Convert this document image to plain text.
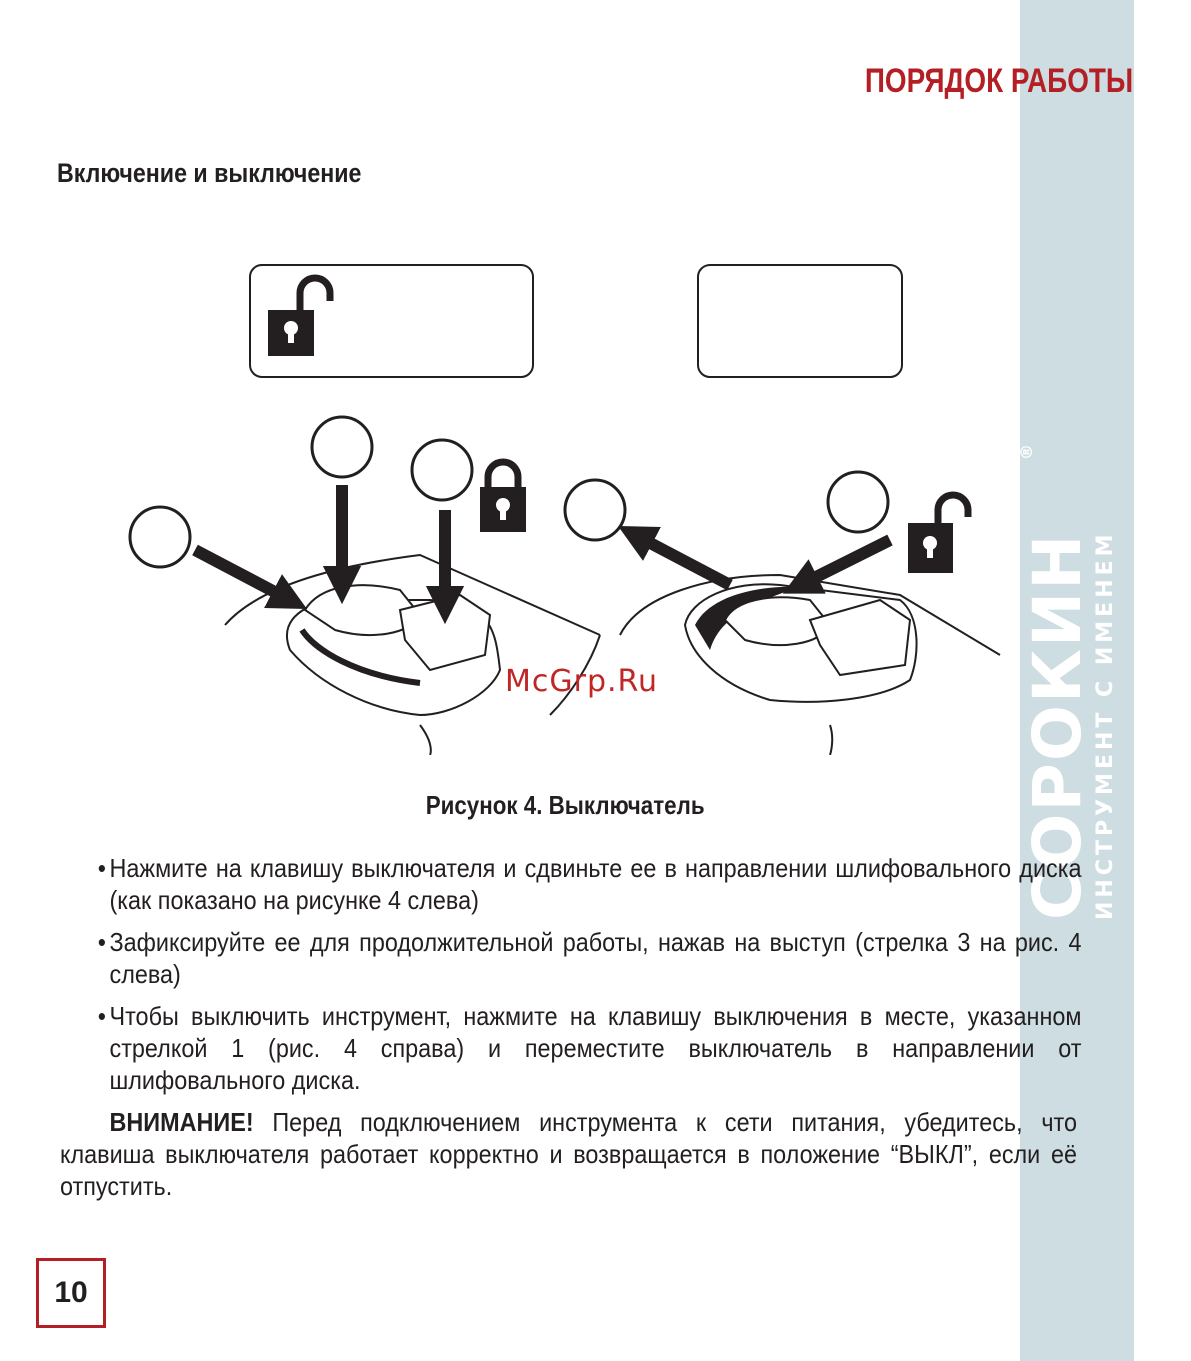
СОРОКИН
ИНСТРУМЕНТ С ИМЕНЕМ
®
ПОРЯДОК РАБОТЫ
Включение и выключение
McGrp.Ru
Рисунок 4. Выключатель
• Нажмите на клавишу выключателя и сдвиньте ее в направлении шлифовального диска (как показано на рисунке 4 слева)
• Зафиксируйте ее для продолжительной работы, нажав на выступ (стрелка 3 на рис. 4 слева)
• Чтобы выключить инструмент, нажмите на клавишу выключения в месте, указанном стрелкой 1 (рис. 4 справа) и переместите выключатель в направлении от шлифовального диска.
ВНИМАНИЕ! Перед подключением инструмента к сети питания, убедитесь, что клавиша выключателя работает корректно и возвращается в положение “ВЫКЛ”, если её отпустить.
10
